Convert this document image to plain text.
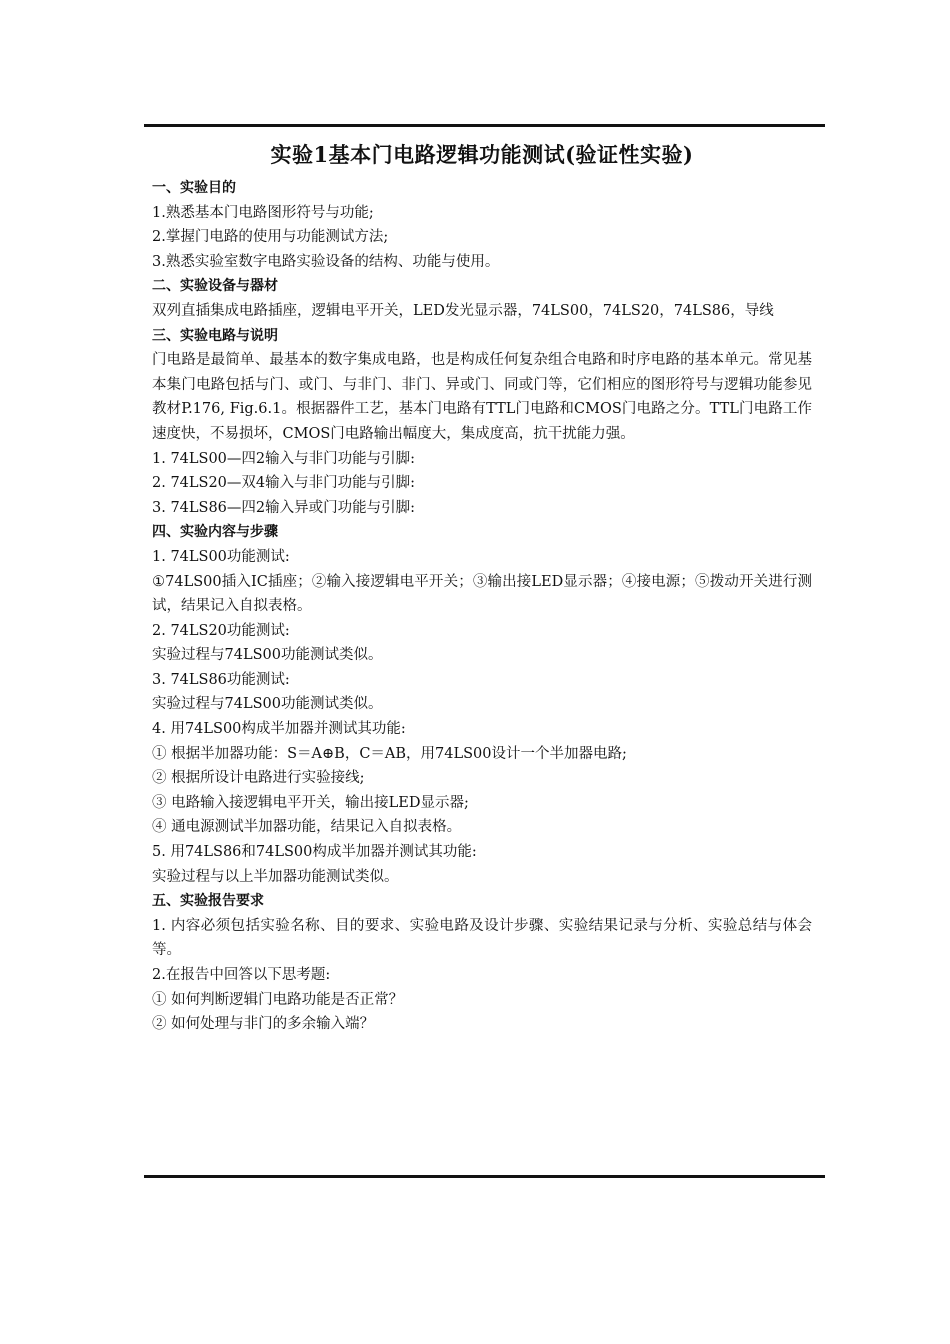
实验1基本门电路逻辑功能测试(验证性实验)

一、实验目的

1.熟悉基本门电路图形符号与功能;

2.掌握门电路的使用与功能测试方法;

3.熟悉实验室数字电路实验设备的结构、功能与使用。

二、实验设备与器材

双列直插集成电路插座，逻辑电平开关，LED发光显示器，74LS00，74LS20，74LS86，导线

三、实验电路与说明

门电路是最简单、最基本的数字集成电路，也是构成任何复杂组合电路和时序电路的基本单元。常见基本集门电路包括与门、或门、与非门、非门、异或门、同或门等，它们相应的图形符号与逻辑功能参见教材P.176, Fig.6.1。根据器件工艺，基本门电路有TTL门电路和CMOS门电路之分。TTL门电路工作速度快，不易损坏，CMOS门电路输出幅度大，集成度高，抗干扰能力强。

1. 74LS00—四2输入与非门功能与引脚:

2. 74LS20—双4输入与非门功能与引脚:

3. 74LS86—四2输入异或门功能与引脚:

四、实验内容与步骤

1. 74LS00功能测试:

①74LS00插入IC插座；②输入接逻辑电平开关；③输出接LED显示器；④接电源；⑤拨动开关进行测试，结果记入自拟表格。

2. 74LS20功能测试:

实验过程与74LS00功能测试类似。

3. 74LS86功能测试:

实验过程与74LS00功能测试类似。

4. 用74LS00构成半加器并测试其功能:

① 根据半加器功能：S＝A⊕B，C＝AB，用74LS00设计一个半加器电路;

② 根据所设计电路进行实验接线;

③ 电路输入接逻辑电平开关，输出接LED显示器;

④ 通电源测试半加器功能，结果记入自拟表格。

5. 用74LS86和74LS00构成半加器并测试其功能:

实验过程与以上半加器功能测试类似。

五、实验报告要求

1. 内容必须包括实验名称、目的要求、实验电路及设计步骤、实验结果记录与分析、实验总结与体会等。

2.在报告中回答以下思考题:

① 如何判断逻辑门电路功能是否正常？

② 如何处理与非门的多余输入端？
